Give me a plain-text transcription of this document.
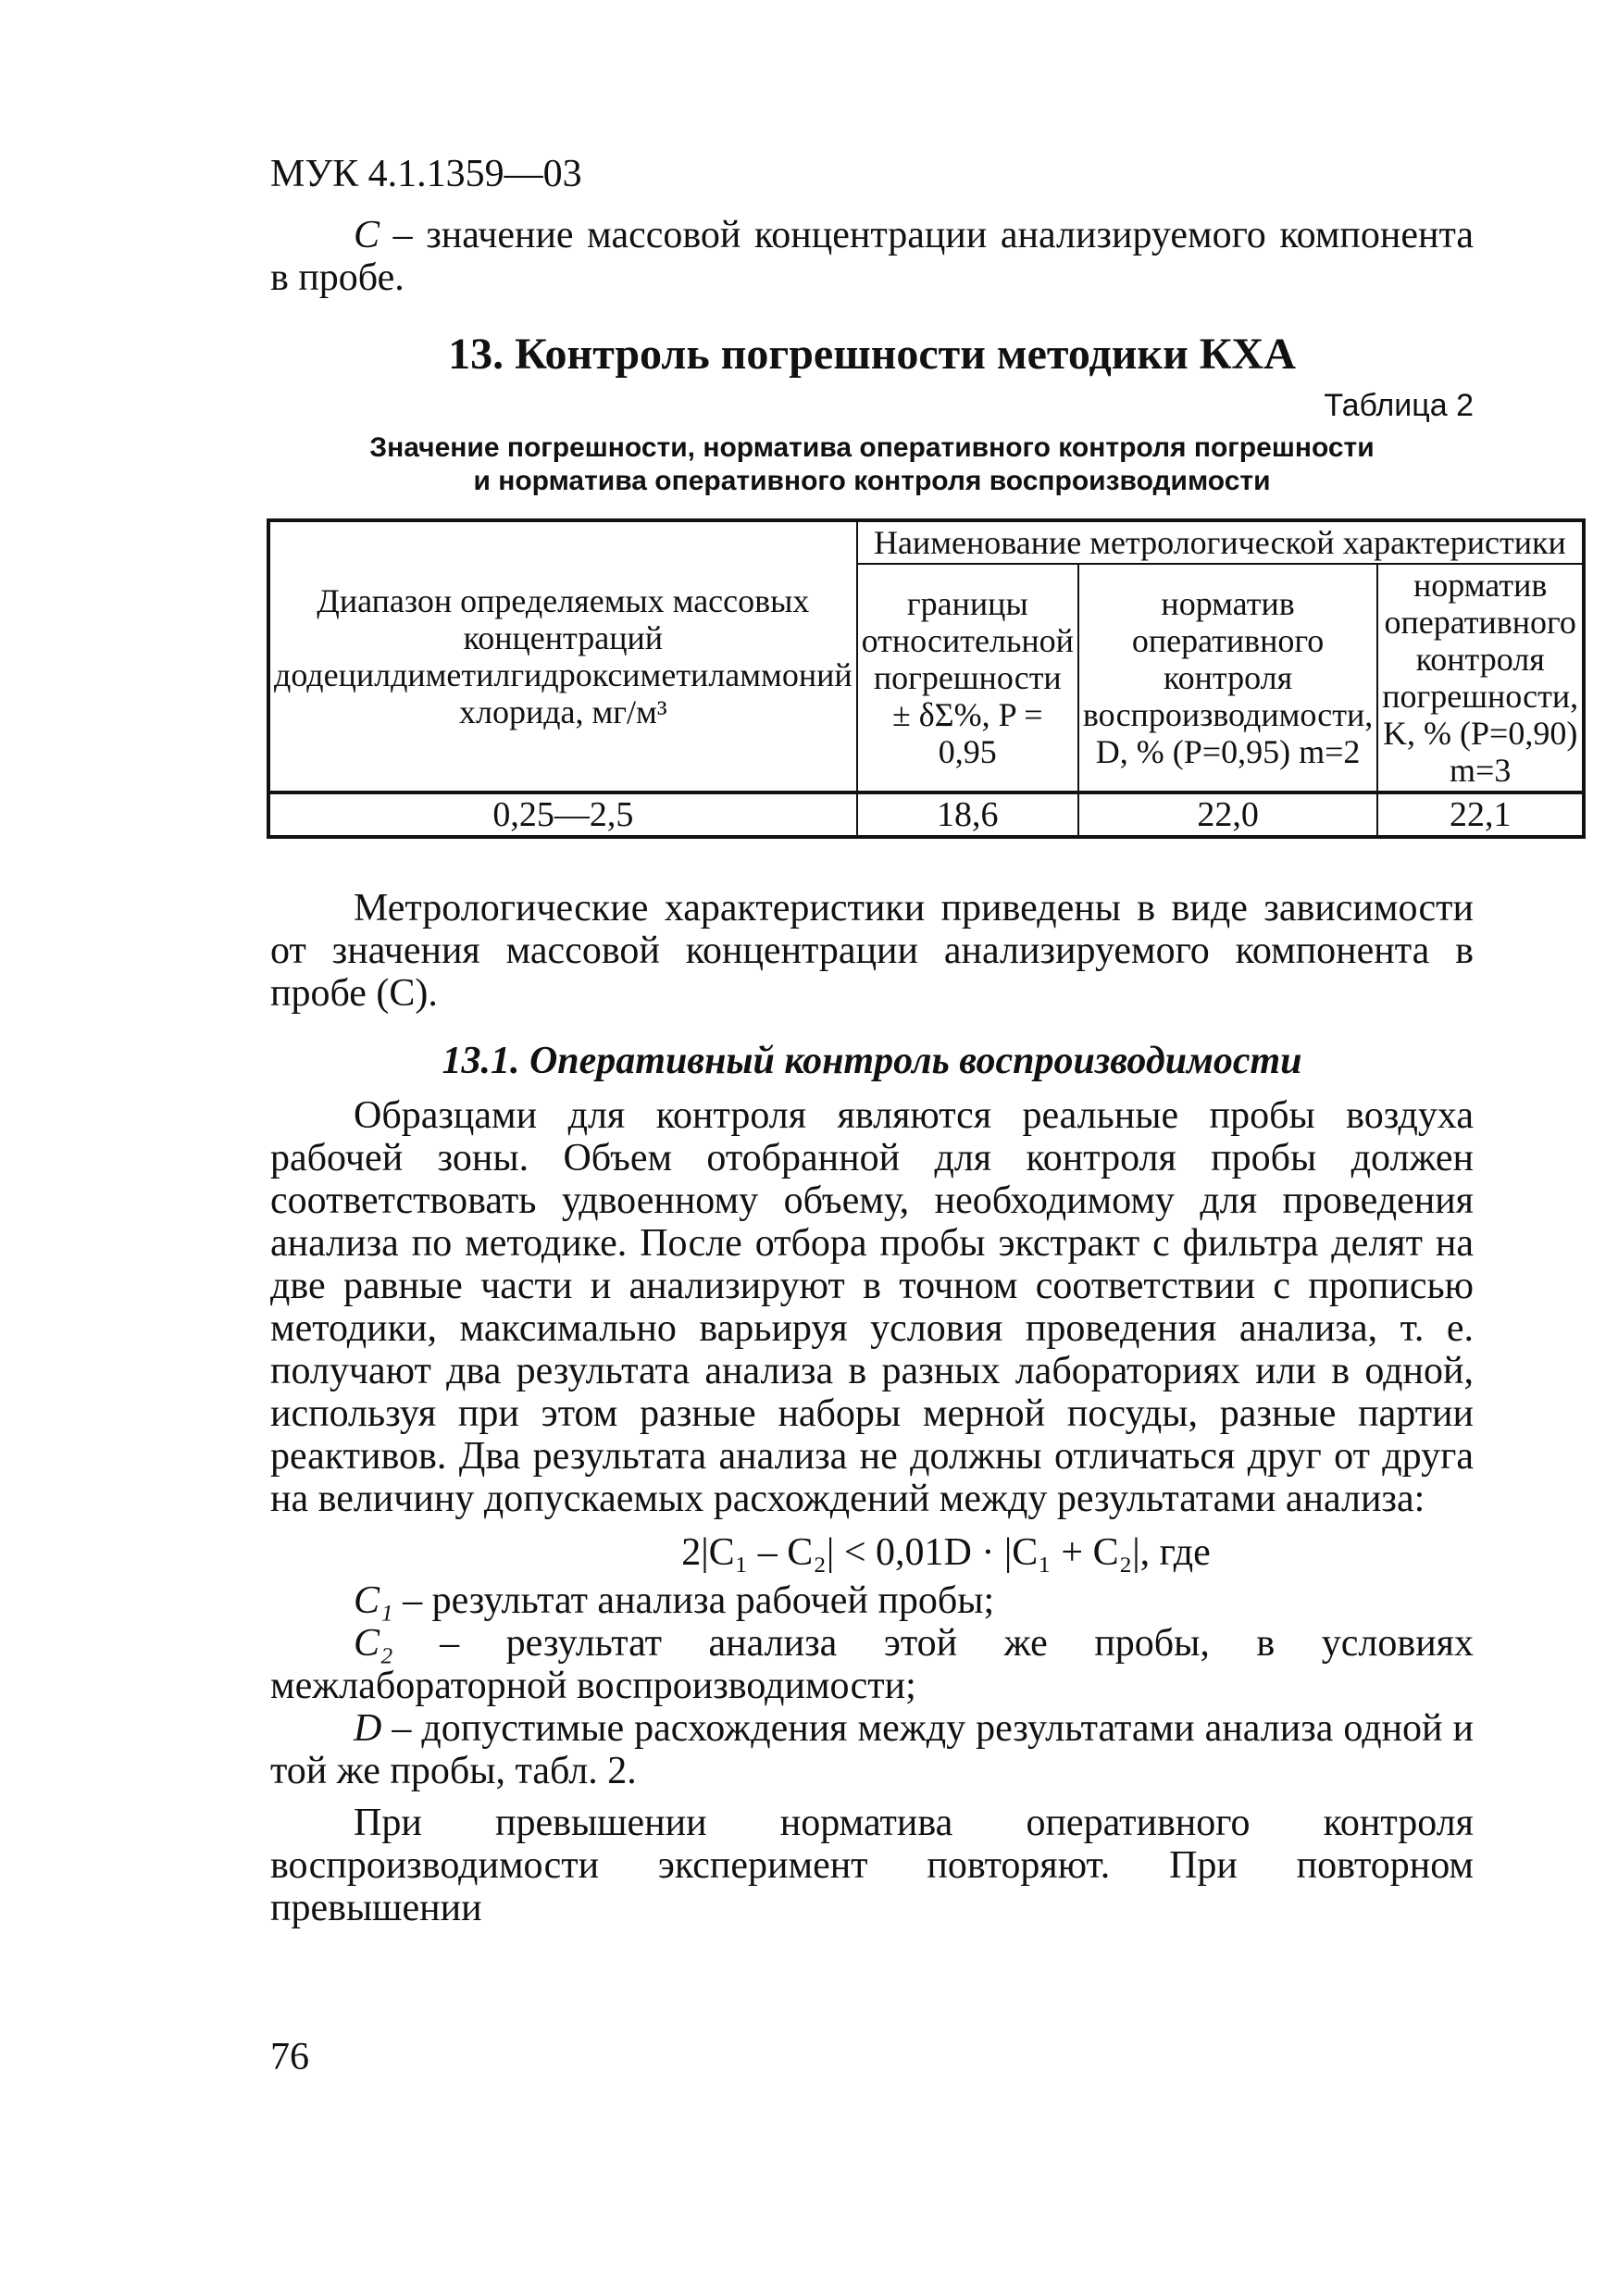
МУК 4.1.1359—03

C – значение массовой концентрации анализируемого компонента в пробе.

13. Контроль погрешности методики КХА

Таблица 2

Значение погрешности, норматива оперативного контроля погрешности

и норматива оперативного контроля воспроизводимости

Диапазон определяемых массовых концентраций додецилдиметилгидроксиметиламмоний хлорида, мг/м³	Наименование метрологической характеристики		
	границы относительной погрешности ± δΣ%, P = 0,95	норматив оперативного контроля воспроизводимости, D, % (P=0,95) m=2	норматив оперативного контроля погрешности, K, % (P=0,90) m=3
0,25—2,5	18,6	22,0	22,1

Метрологические характеристики приведены в виде зависимости от значения массовой концентрации анализируемого компонента в пробе (C).

13.1. Оперативный контроль воспроизводимости

Образцами для контроля являются реальные пробы воздуха рабочей зоны. Объем отобранной для контроля пробы должен соответствовать удвоенному объему, необходимому для проведения анализа по методике. После отбора пробы экстракт с фильтра делят на две равные части и анализируют в точном соответствии с прописью методики, максимально варьируя условия проведения анализа, т. е. получают два результата анализа в разных лабораториях или в одной, используя при этом разные наборы мерной посуды, разные партии реактивов. Два результата анализа не должны отличаться друг от друга на величину допускаемых расхождений между результатами анализа:

2|C₁ – C₂| < 0,01D · |C₁ + C₂|, где

C₁ – результат анализа рабочей пробы;

C₂ – результат анализа этой же пробы, в условиях межлабораторной воспроизводимости;

D – допустимые расхождения между результатами анализа одной и той же пробы, табл. 2.

При превышении норматива оперативного контроля воспроизводимости эксперимент повторяют. При повторном превышении

76
